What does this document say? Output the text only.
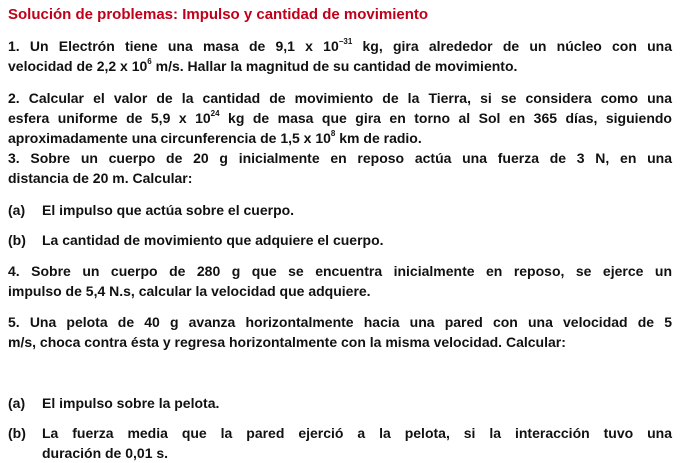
Solución de problemas: Impulso y cantidad de movimiento
1. Un Electrón tiene una masa de 9,1 x $10^{-31}$ kg, gira alrededor de un núcleo con una
velocidad de 2,2 x $10^6$ m/s. Hallar la magnitud de su cantidad de movimiento.
2. Calcular el valor de la cantidad de movimiento de la Tierra, si se considera como una
esfera uniforme de 5,9 x $10^{24}$ kg de masa que gira en torno al Sol en 365 días, siguiendo
aproximadamente una circunferencia de 1,5 x $10^8$ km de radio.
3. Sobre un cuerpo de 20 g inicialmente en reposo actúa una fuerza de 3 N, en una
distancia de 20 m. Calcular:
(a) El impulso que actúa sobre el cuerpo.
(b) La cantidad de movimiento que adquiere el cuerpo.
4. Sobre un cuerpo de 280 g que se encuentra inicialmente en reposo, se ejerce un
impulso de 5,4 N.s, calcular la velocidad que adquiere.
5. Una pelota de 40 g avanza horizontalmente hacia una pared con una velocidad de 5
m/s, choca contra ésta y regresa horizontalmente con la misma velocidad. Calcular:
(a) El impulso sobre la pelota.
(b) La fuerza media que la pared ejerció a la pelota, si la interacción tuvo una
duración de 0,01 s.
